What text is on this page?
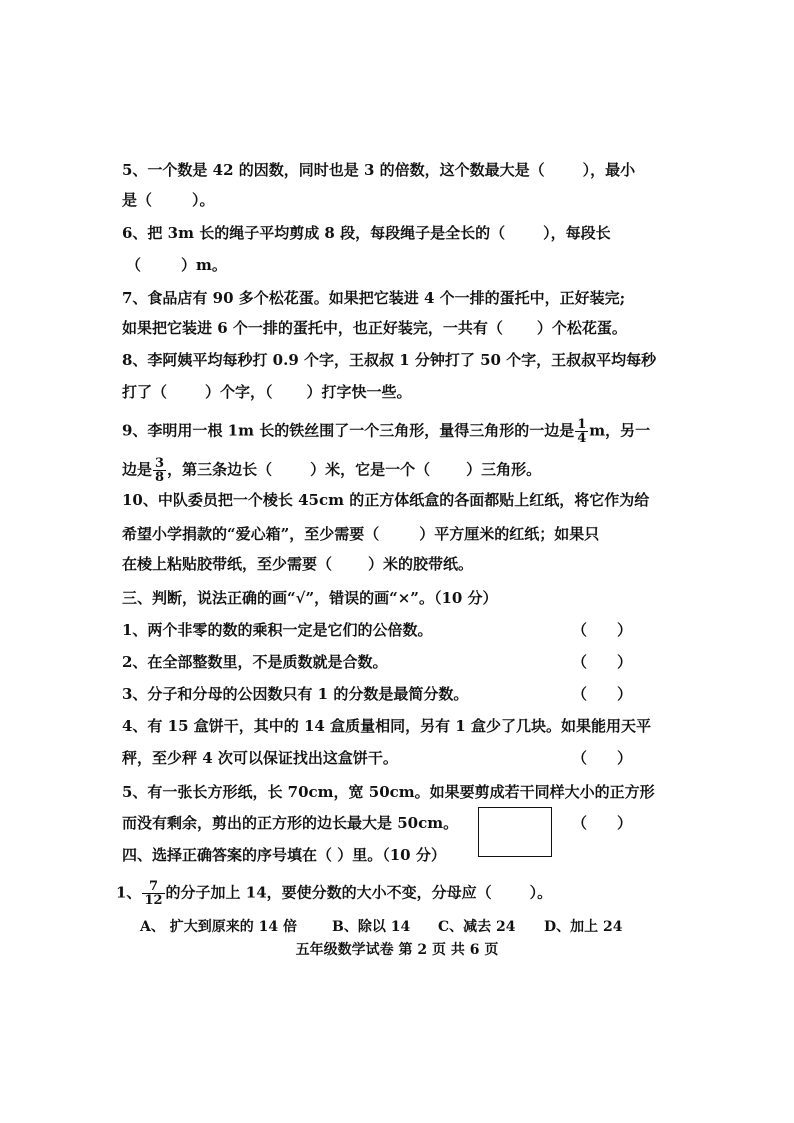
5、一个数是 42 的因数，同时也是 3 的倍数，这个数最大是（	），最小
是（	）。
6、把 3m 长的绳子平均剪成 8 段，每段绳子是全长的（	），每段长
（	）m。
7、食品店有 90 多个松花蛋。如果把它装进 4 个一排的蛋托中，正好装完;
如果把它装进 6 个一排的蛋托中，也正好装完，一共有（ ）个松花蛋。
8、李阿姨平均每秒打 0.9 个字，王叔叔 1 分钟打了 50 个字，王叔叔平均每秒
打了（	）个字，（ ）打字快一些。
9、李明用一根 1m 长的铁丝围了一个三角形，量得三角形的一边是 $\frac{1}{4}$ m，另一
边是 $\frac{3}{8}$ ，第三条边长（	）米，它是一个（ ）三角形。
10、中队委员把一个棱长 45cm 的正方体纸盒的各面都贴上红纸，将它作为给
希望小学捐款的“爱心箱”，至少需要（	）平方厘米的红纸；如果只
在棱上粘贴胶带纸，至少需要（ ）米的胶带纸。
三、判断，说法正确的画“√”，错误的画“×”。（10 分）
1、两个非零的数的乘积一定是它们的公倍数。	（ ）
2、在全部整数里，不是质数就是合数。	（ ）
3、分子和分母的公因数只有 1 的分数是最简分数。	（ ）
4、有 15 盒饼干，其中的 14 盒质量相同，另有 1 盒少了几块。如果能用天平
秤，至少秤 4 次可以保证找出这盒饼干。	（ ）
5、有一张长方形纸，长 70cm，宽 50cm。如果要剪成若干同样大小的正方形
而没有剩余，剪出的正方形的边长最大是 50cm。	（ ）
四、选择正确答案的序号填在（ ）里。（10 分）
1、 $\frac{7}{12}$ 的分子加上 14，要使分数的大小不变，分母应（	）。
A、 扩大到原来的 14 倍	B、除以 14 C、减去 24 D、加上 24
五年级数学试卷 第 2 页 共 6 页
